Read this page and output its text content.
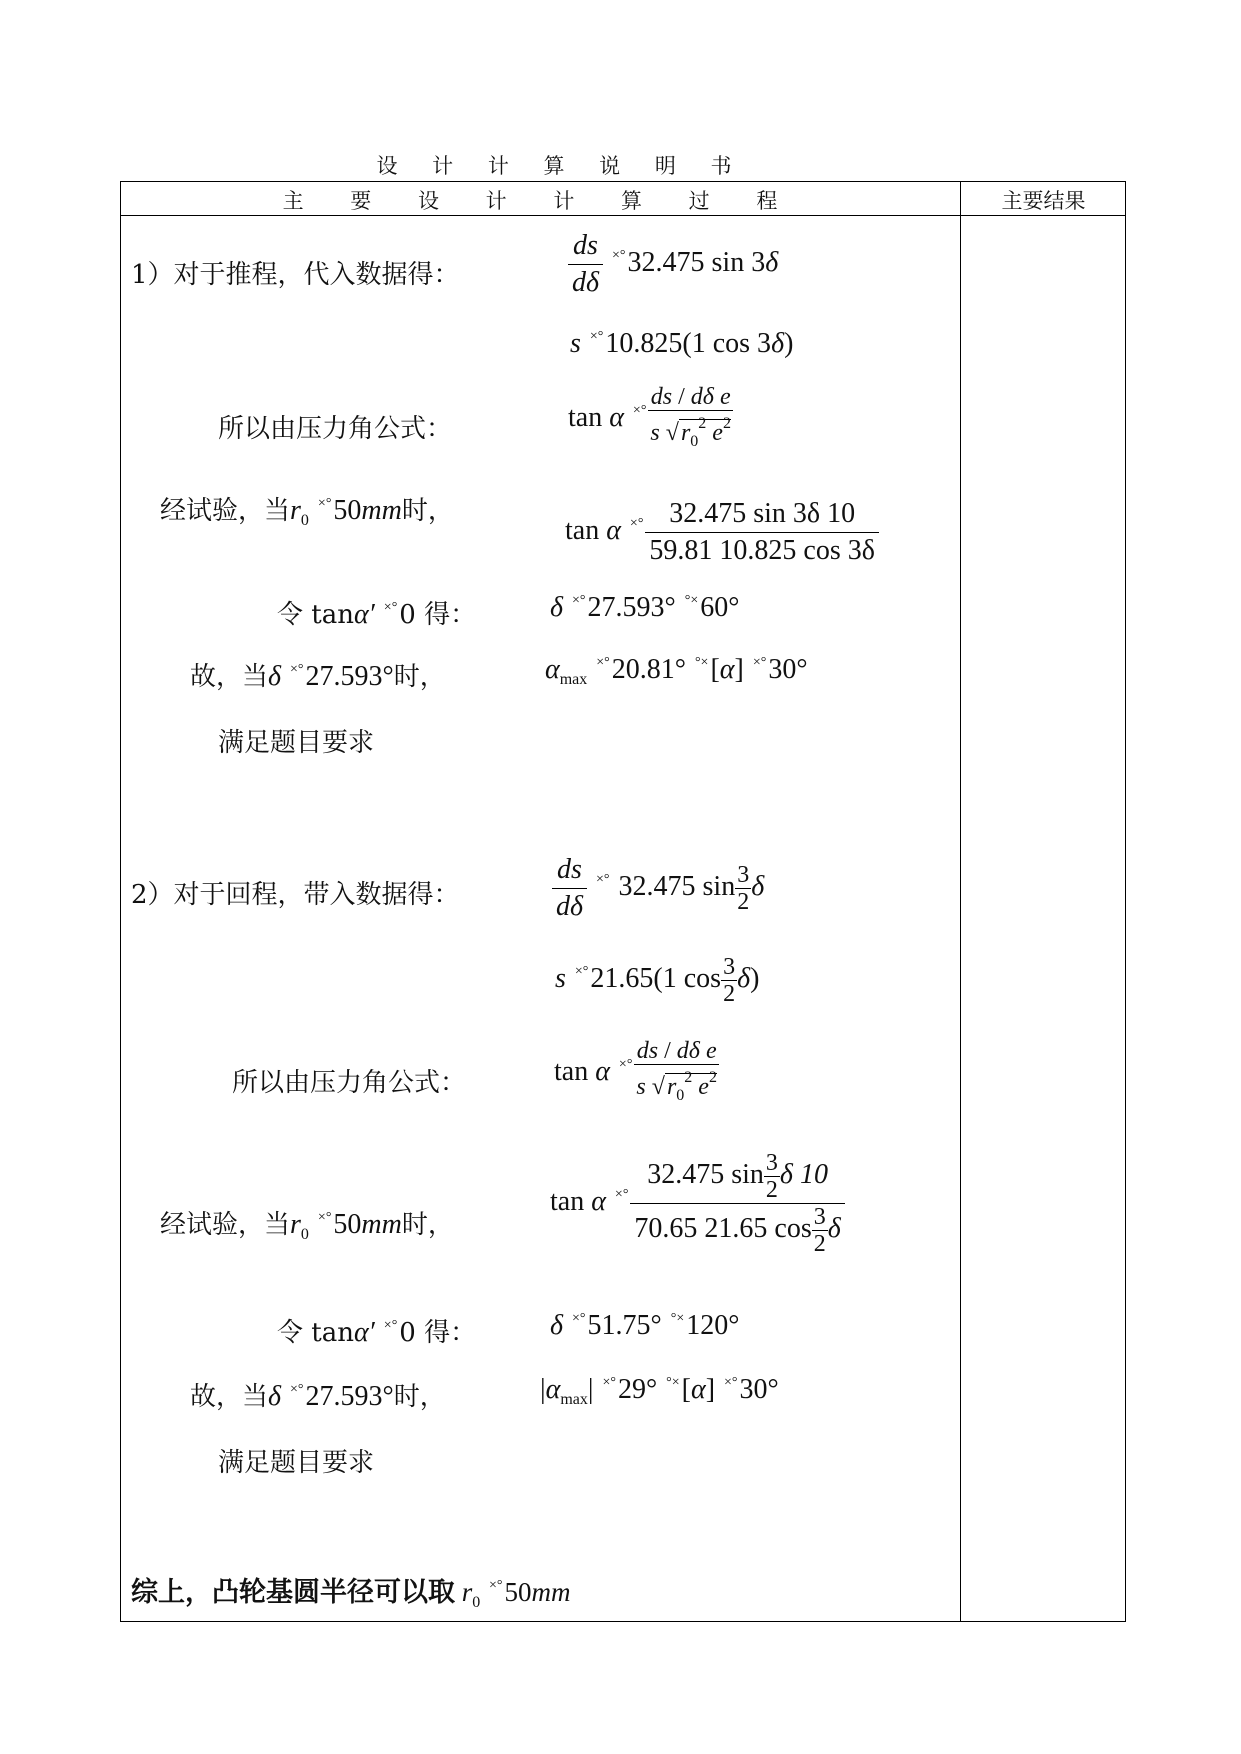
设 计 计 算 说 明 书
主 要 设 计 计 算 过 程	主要结果
1）对于推程，代入数据得：	$\frac{ds}{d\delta} ^{\times^\circ}32.475$ sin 3δ
s ×°10.825(1 cos 3δ)
所以由压力角公式：	tan α $^{\times^\circ} \frac{\text{ds / dδ e}}{s √r_0^2 e^2}$
经试验，当$r_0$ ×°50mm时，
tan α $^{\times^\circ} \frac{32.475 \sin 3\delta 10}{59.81 10.825 \cos 3\delta}$
令 tanα′ ×°0 得：	δ ×°27.593° °×60°
故，当δ ×°27.593°时，	$\alpha_{max}$ ×°20.81° °×[α] ×°30°
满足题目要求
2）对于回程，带入数据得：	$\frac{ds}{d\delta} ^{\times^\circ}$ 32.475 $\sin \frac{3}{2}$ δ
s ×°21.65(1 $\cos \frac{3}{2} \delta$)
所以由压力角公式：	tan α $^{\times^\circ} \frac{\text{ds / dδ e}}{s √r_0^2 e^2}$
经试验，当$r_0$ ×°50mm时，
tan α $^{\times^\circ} \frac{32.475 \sin \frac{3}{2} \delta 10}{70.65 21.65 \cos \frac{3}{2} \delta}$
令 tanα′ ×°0 得：	δ ×°51.75° °×120°
故，当δ ×°27.593°时，	$|\alpha_{max}|$ ×°29° °×[α] ×°30°
满足题目要求
综上，凸轮基圆半径可以取 $r_0$ ×°50mm
